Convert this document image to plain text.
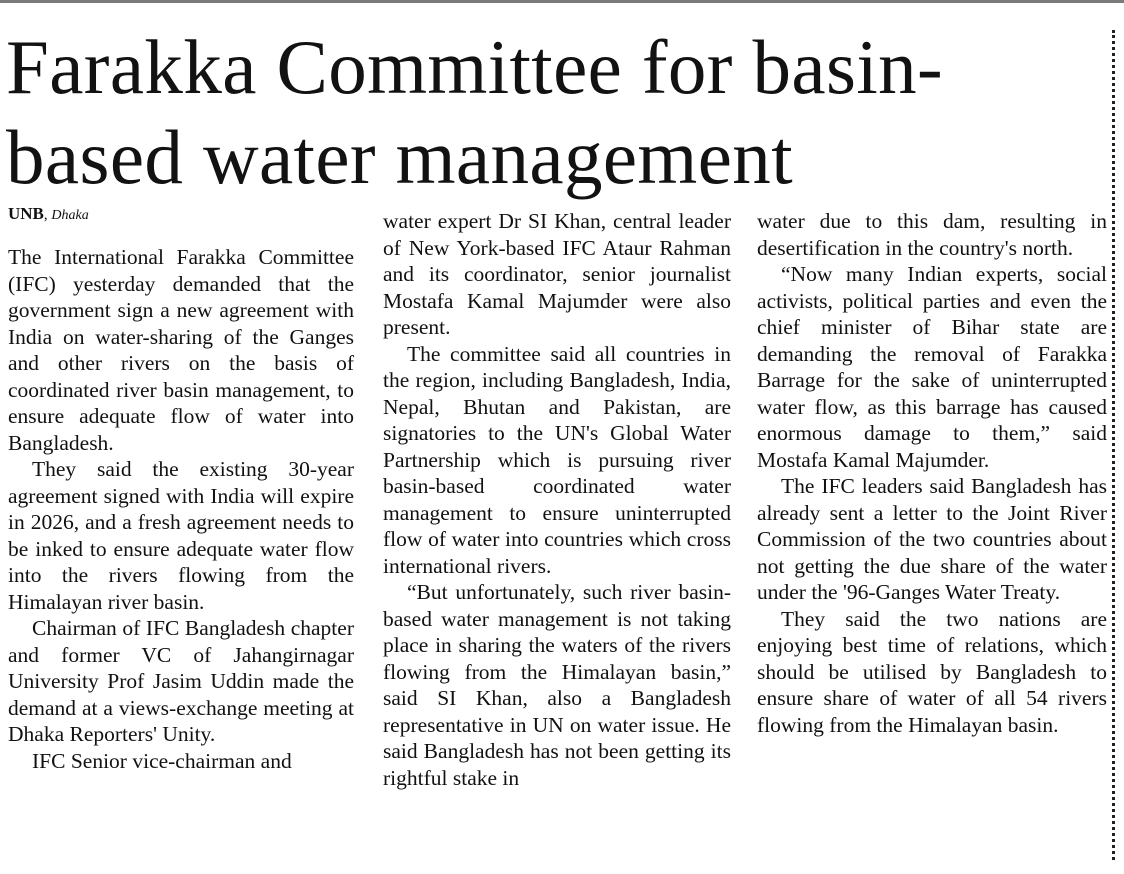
Farakka Committee for basin-based water management
UNB, Dhaka

The International Farakka Committee (IFC) yesterday demanded that the government sign a new agreement with India on water-sharing of the Ganges and other rivers on the basis of coordinated river basin management, to ensure adequate flow of water into Bangladesh.

They said the existing 30-year agreement signed with India will expire in 2026, and a fresh agreement needs to be inked to ensure adequate water flow into the rivers flowing from the Himalayan river basin.

Chairman of IFC Bangladesh chapter and former VC of Jahangirnagar University Prof Jasim Uddin made the demand at a views-exchange meeting at Dhaka Reporters' Unity.

IFC Senior vice-chairman and

water expert Dr SI Khan, central leader of New York-based IFC Ataur Rahman and its coordinator, senior journalist Mostafa Kamal Majumder were also present.

The committee said all countries in the region, including Bangladesh, India, Nepal, Bhutan and Pakistan, are signatories to the UN's Global Water Partnership which is pursuing river basin-based coordinated water management to ensure uninterrupted flow of water into countries which cross international rivers.

“But unfortunately, such river basin-based water management is not taking place in sharing the waters of the rivers flowing from the Himalayan basin,” said SI Khan, also a Bangladesh representative in UN on water issue. He said Bangladesh has not been getting its rightful stake in

water due to this dam, resulting in desertification in the country's north.

“Now many Indian experts, social activists, political parties and even the chief minister of Bihar state are demanding the removal of Farakka Barrage for the sake of uninterrupted water flow, as this barrage has caused enormous damage to them,” said Mostafa Kamal Majumder.

The IFC leaders said Bangladesh has already sent a letter to the Joint River Commission of the two countries about not getting the due share of the water under the '96-Ganges Water Treaty.

They said the two nations are enjoying best time of relations, which should be utilised by Bangladesh to ensure share of water of all 54 rivers flowing from the Himalayan basin.
